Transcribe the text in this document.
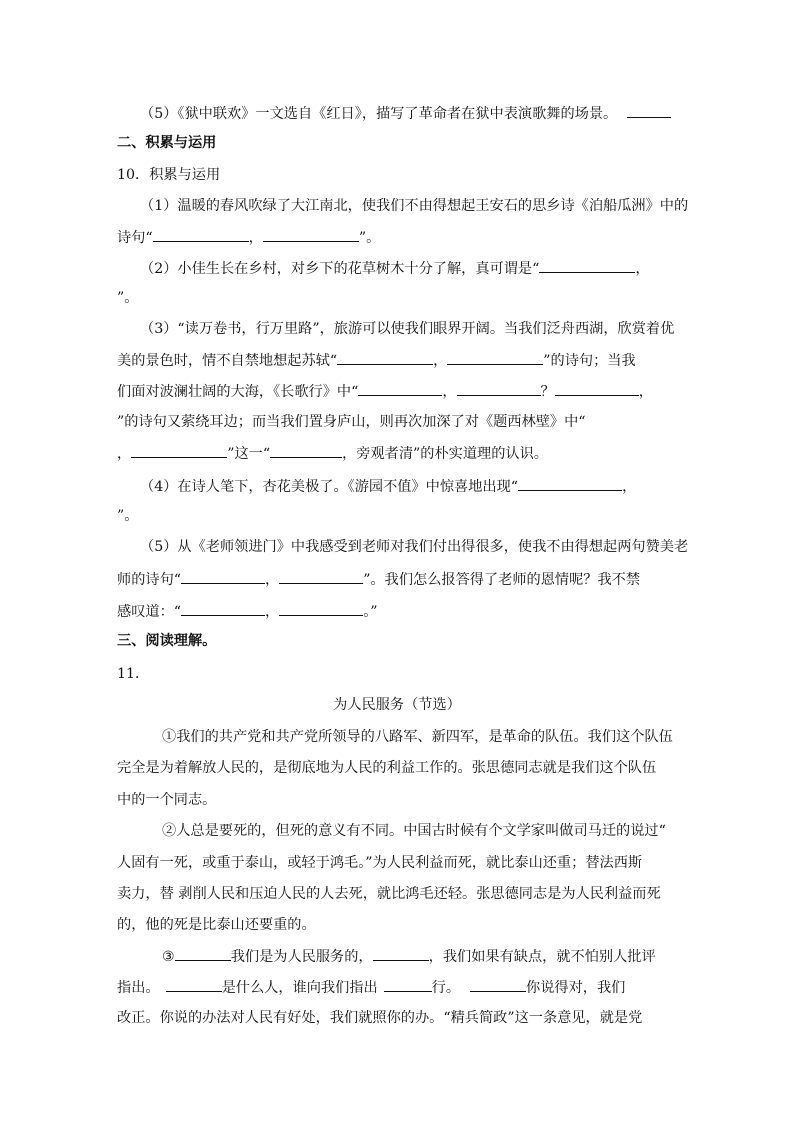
（5）《狱中联欢》一文选自《红日》，描写了革命者在狱中表演歌舞的场景。
二、积累与运用
10．积累与运用
（1）温暖的春风吹绿了大江南北，使我们不由得想起王安石的思乡诗《泊船瓜洲》中的
诗句“	，	”。
（2）小佳生长在乡村，对乡下的花草树木十分了解，真可谓是“	，
”。
（3）“读万卷书，行万里路”，旅游可以使我们眼界开阔。当我们泛舟西湖，欣赏着优
美的景色时，情不自禁地想起苏轼“	，	”的诗句；当我
们面对波澜壮阔的大海，《长歌行》中“	，	？	，
”的诗句又萦绕耳边；而当我们置身庐山，则再次加深了对《题西林壁》中“
，	”这一“	，旁观者清”的朴实道理的认识。
（4）在诗人笔下，杏花美极了。《游园不值》中惊喜地出现“	，
”。
（5）从《老师领进门》中我感受到老师对我们付出得很多，使我不由得想起两句赞美老
师的诗句“	，	”。我们怎么报答得了老师的恩情呢？我不禁
感叹道：“	，	。”
三、阅读理解。
11．
为人民服务（节选）
①我们的共产党和共产党所领导的八路军、新四军，是革命的队伍。我们这个队伍
完全是为着解放人民的，是彻底地为人民的利益工作的。张思德同志就是我们这个队伍
中的一个同志。
②人总是要死的，但死的意义有不同。中国古时候有个文学家叫做司马迁的说过“
人固有一死，或重于泰山，或轻于鸿毛。”为人民利益而死，就比泰山还重；替法西斯
卖力，替 剥削人民和压迫人民的人去死，就比鸿毛还轻。张思德同志是为人民利益而死
的，他的死是比泰山还要重的。
③	我们是为人民服务的，	，我们如果有缺点，就不怕别人批评
指出。	是什么人，谁向我们指出	行。	你说得对，我们
改正。你说的办法对人民有好处，我们就照你的办。“精兵简政”这一条意见，就是党
